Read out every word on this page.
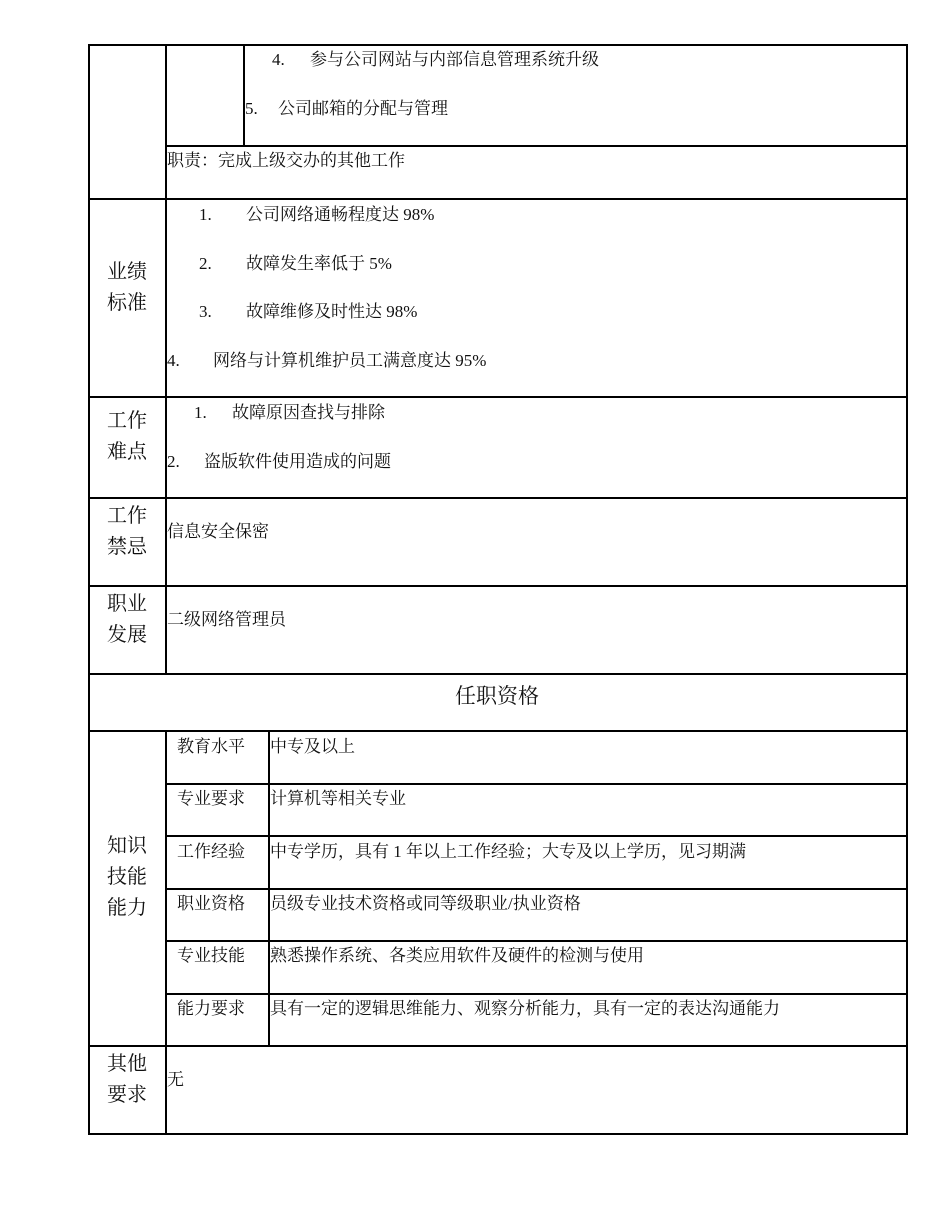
4. 参与公司网站与内部信息管理系统升级
5. 公司邮箱的分配与管理
职责：完成上级交办的其他工作
业绩
标准
1. 公司网络通畅程度达 98%
2. 故障发生率低于 5%
3. 故障维修及时性达 98%
4. 网络与计算机维护员工满意度达 95%
工作
难点
1. 故障原因查找与排除
2. 盗版软件使用造成的问题
工作
禁忌
信息安全保密
职业
发展
二级网络管理员
任职资格
知识
技能
能力
教育水平 中专及以上
专业要求 计算机等相关专业
工作经验 中专学历，具有 1 年以上工作经验；大专及以上学历，见习期满
职业资格 员级专业技术资格或同等级职业/执业资格
专业技能 熟悉操作系统、各类应用软件及硬件的检测与使用
能力要求 具有一定的逻辑思维能力、观察分析能力，具有一定的表达沟通能力
其他
要求
无
